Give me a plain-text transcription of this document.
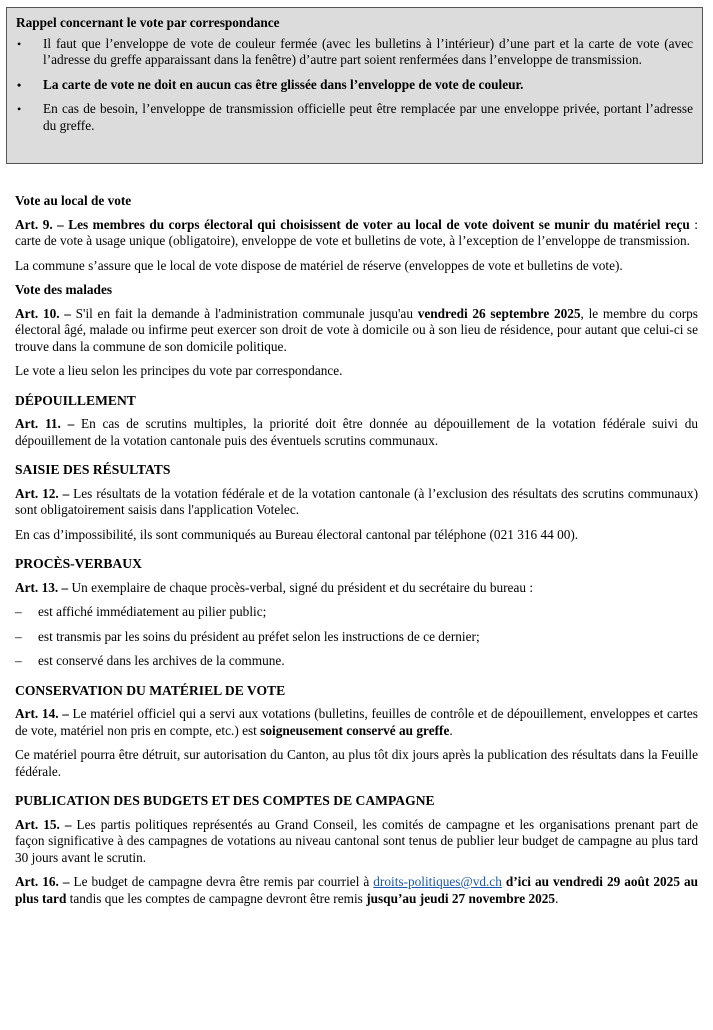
Rappel concernant le vote par correspondance
• Il faut que l’enveloppe de vote de couleur fermée (avec les bulletins à l’intérieur) d’une part et la carte de vote (avec l’adresse du greffe apparaissant dans la fenêtre) d’autre part soient renfermées dans l’enveloppe de transmission.
• La carte de vote ne doit en aucun cas être glissée dans l’enveloppe de vote de couleur.
• En cas de besoin, l’enveloppe de transmission officielle peut être remplacée par une enveloppe privée, portant l’adresse du greffe.

Vote au local de vote

Art. 9. – Les membres du corps électoral qui choisissent de voter au local de vote doivent se munir du matériel reçu : carte de vote à usage unique (obligatoire), enveloppe de vote et bulletins de vote, à l’exception de l’enveloppe de transmission.

La commune s’assure que le local de vote dispose de matériel de réserve (enveloppes de vote et bulletins de vote).

Vote des malades

Art. 10. – S'il en fait la demande à l'administration communale jusqu'au vendredi 26 septembre 2025, le membre du corps électoral âgé, malade ou infirme peut exercer son droit de vote à domicile ou à son lieu de résidence, pour autant que celui-ci se trouve dans la commune de son domicile politique.

Le vote a lieu selon les principes du vote par correspondance.

DÉPOUILLEMENT

Art. 11. – En cas de scrutins multiples, la priorité doit être donnée au dépouillement de la votation fédérale suivi du dépouillement de la votation cantonale puis des éventuels scrutins communaux.

SAISIE DES RÉSULTATS

Art. 12. – Les résultats de la votation fédérale et de la votation cantonale (à l’exclusion des résultats des scrutins communaux) sont obligatoirement saisis dans l'application Votelec.

En cas d’impossibilité, ils sont communiqués au Bureau électoral cantonal par téléphone (021 316 44 00).

PROCÈS-VERBAUX

Art. 13. – Un exemplaire de chaque procès-verbal, signé du président et du secrétaire du bureau :

– est affiché immédiatement au pilier public;
– est transmis par les soins du président au préfet selon les instructions de ce dernier;
– est conservé dans les archives de la commune.
CONSERVATION DU MATÉRIEL DE VOTE

Art. 14. – Le matériel officiel qui a servi aux votations (bulletins, feuilles de contrôle et de dépouillement, enveloppes et cartes de vote, matériel non pris en compte, etc.) est soigneusement conservé au greffe.

Ce matériel pourra être détruit, sur autorisation du Canton, au plus tôt dix jours après la publication des résultats dans la Feuille fédérale.

PUBLICATION DES BUDGETS ET DES COMPTES DE CAMPAGNE

Art. 15. – Les partis politiques représentés au Grand Conseil, les comités de campagne et les organisations prenant part de façon significative à des campagnes de votations au niveau cantonal sont tenus de publier leur budget de campagne au plus tard 30 jours avant le scrutin.

Art. 16. – Le budget de campagne devra être remis par courriel à droits-politiques@vd.ch d’ici au vendredi 29 août 2025 au plus tard tandis que les comptes de campagne devront être remis jusqu’au jeudi 27 novembre 2025.
